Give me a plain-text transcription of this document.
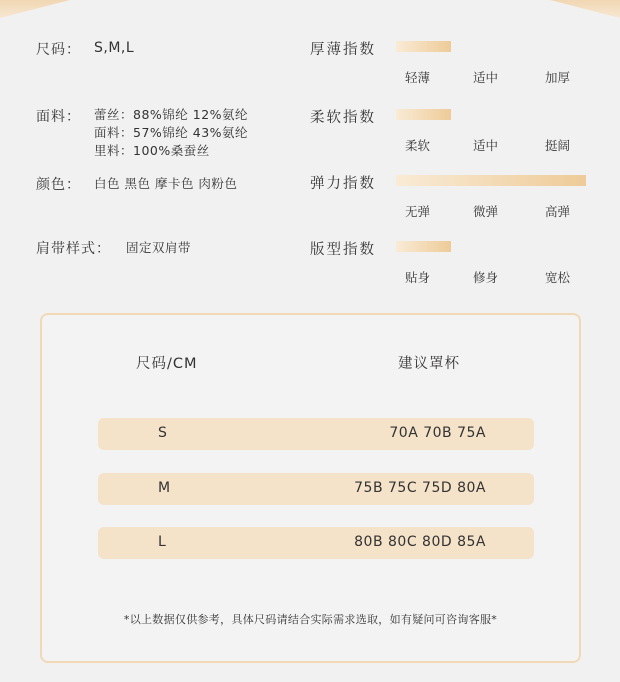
尺码： S,M,L
面料： 蕾丝：88%锦纶 12%氨纶
面料：57%锦纶 43%氨纶
里料：100%桑蚕丝
颜色： 白色 黑色 摩卡色 肉粉色
肩带样式： 固定双肩带
厚薄指数
轻薄	适中	加厚
柔软指数
柔软	适中	挺阔
弹力指数
无弹	微弹	高弹
版型指数
贴身	修身	宽松
尺码/CM	建议罩杯
S	70A 70B 75A
M	75B 75C 75D 80A
L	80B 80C 80D 85A
*以上数据仅供参考，具体尺码请结合实际需求选取，如有疑问可咨询客服*
